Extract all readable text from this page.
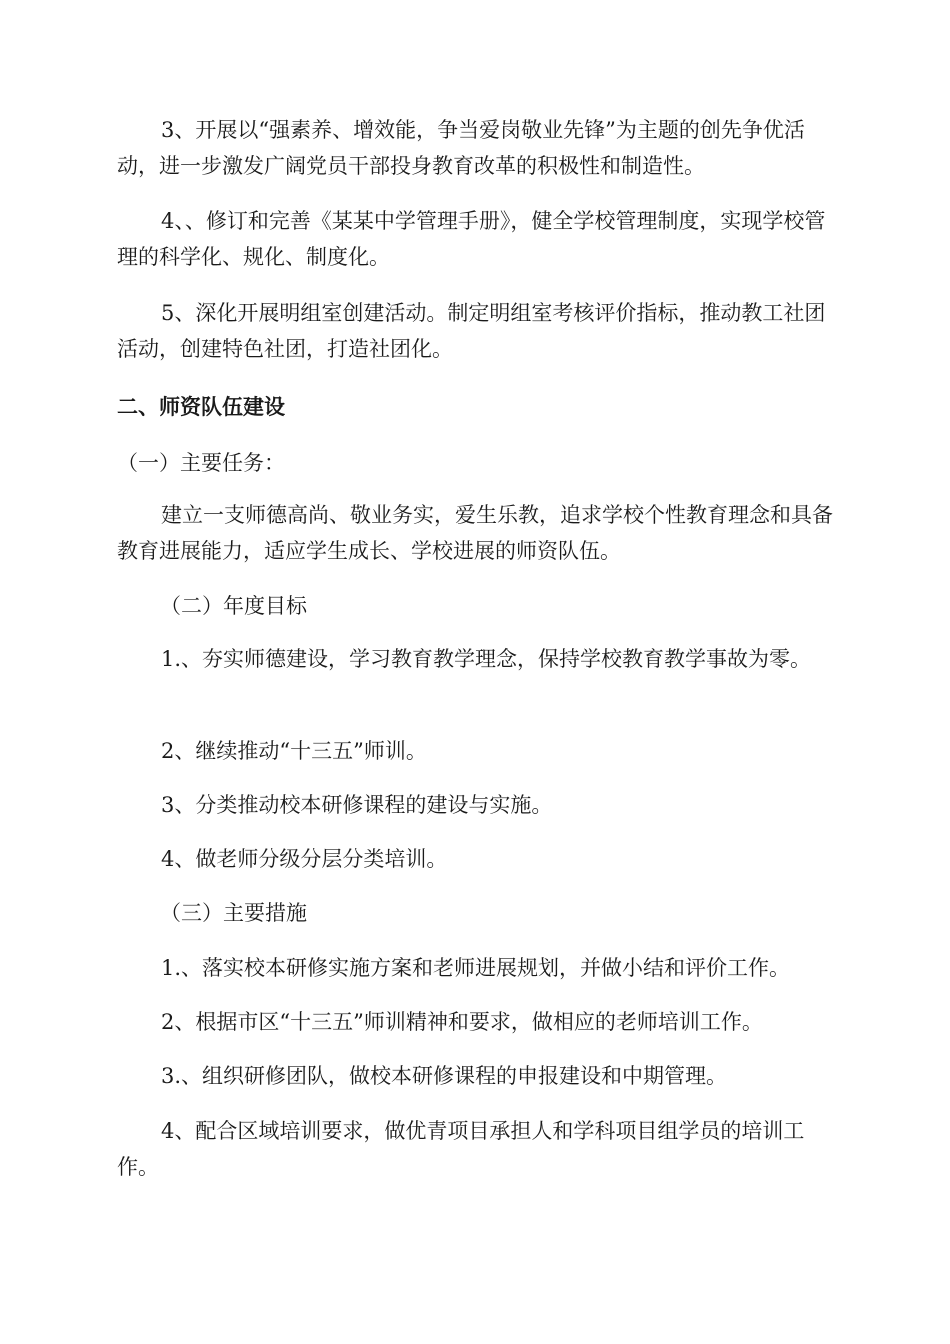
3、开展以“强素养、增效能，争当爱岗敬业先锋”为主题的创先争优活动，进一步激发广阔党员干部投身教育改革的积极性和制造性。

4、、修订和完善《某某中学管理手册》，健全学校管理制度，实现学校管理的科学化、规化、制度化。

5、深化开展明组室创建活动。制定明组室考核评价指标，推动教工社团活动，创建特色社团，打造社团化。

二、师资队伍建设

（一）主要任务：

建立一支师德高尚、敬业务实，爱生乐教，追求学校个性教育理念和具备教育进展能力，适应学生成长、学校进展的师资队伍。

（二）年度目标

1.、夯实师德建设，学习教育教学理念，保持学校教育教学事故为零。

2、继续推动“十三五”师训。

3、分类推动校本研修课程的建设与实施。

4、做老师分级分层分类培训。

（三）主要措施

1.、落实校本研修实施方案和老师进展规划，并做小结和评价工作。

2、根据市区“十三五”师训精神和要求，做相应的老师培训工作。

3.、组织研修团队，做校本研修课程的申报建设和中期管理。

4、配合区域培训要求，做优青项目承担人和学科项目组学员的培训工作。
